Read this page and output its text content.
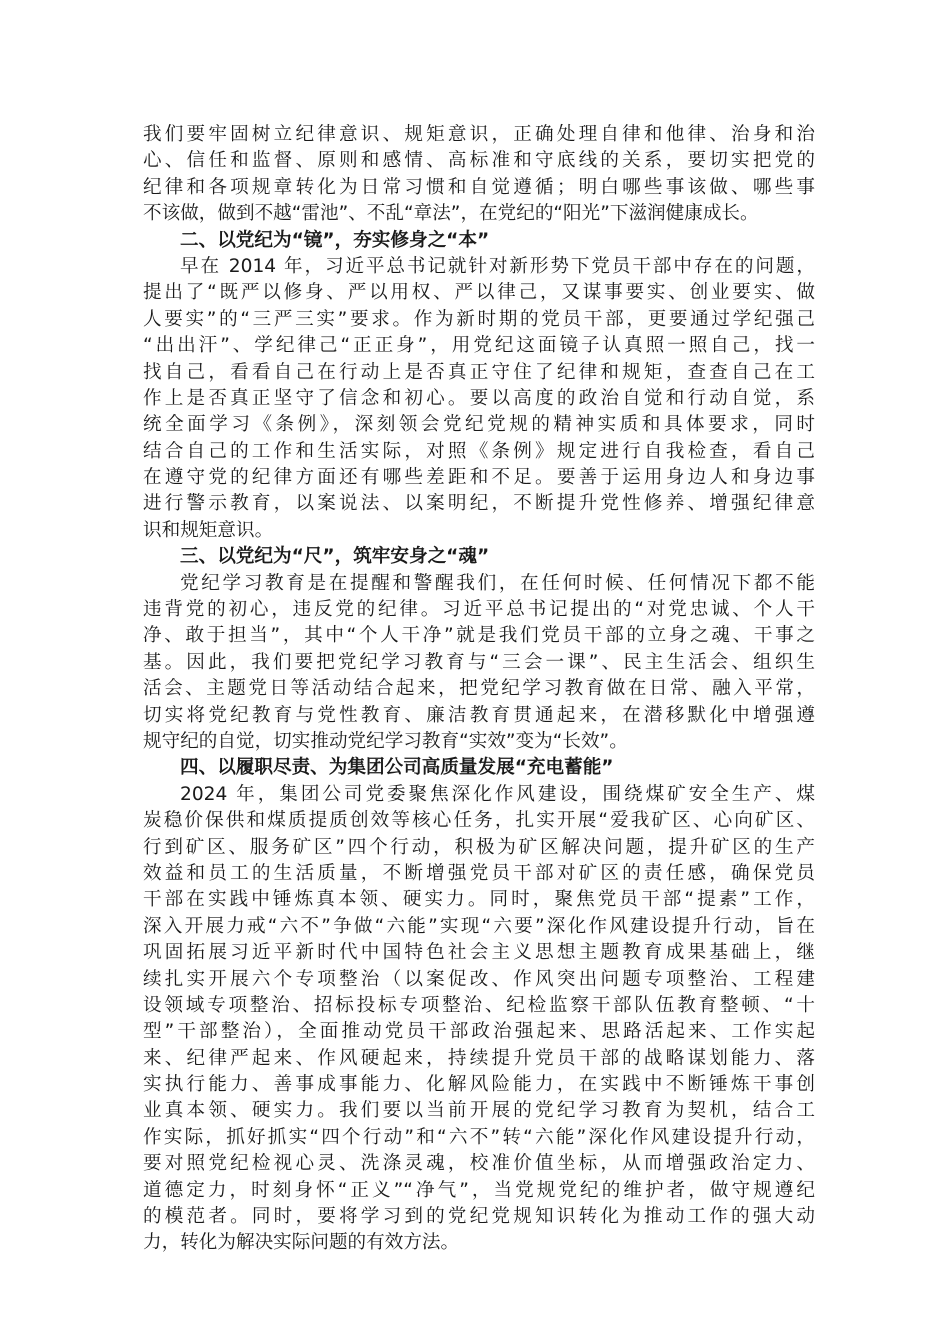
我们要牢固树立纪律意识、规矩意识，正确处理自律和他律、治身和治
心、信任和监督、原则和感情、高标准和守底线的关系，要切实把党的
纪律和各项规章转化为日常习惯和自觉遵循；明白哪些事该做、哪些事
不该做，做到不越“雷池”、不乱“章法”，在党纪的“阳光”下滋润健康成长。
二、以党纪为“镜”，夯实修身之“本”
早在 2014 年，习近平总书记就针对新形势下党员干部中存在的问题，
提出了“既严以修身、严以用权、严以律己，又谋事要实、创业要实、做
人要实”的“三严三实”要求。作为新时期的党员干部，更要通过学纪强己
“出出汗”、学纪律己“正正身”，用党纪这面镜子认真照一照自己，找一
找自己，看看自己在行动上是否真正守住了纪律和规矩，查查自己在工
作上是否真正坚守了信念和初心。要以高度的政治自觉和行动自觉，系
统全面学习《条例》，深刻领会党纪党规的精神实质和具体要求，同时
结合自己的工作和生活实际，对照《条例》规定进行自我检查，看自己
在遵守党的纪律方面还有哪些差距和不足。要善于运用身边人和身边事
进行警示教育，以案说法、以案明纪，不断提升党性修养、增强纪律意
识和规矩意识。
三、以党纪为“尺”，筑牢安身之“魂”
党纪学习教育是在提醒和警醒我们，在任何时候、任何情况下都不能
违背党的初心，违反党的纪律。习近平总书记提出的“对党忠诚、个人干
净、敢于担当”，其中“个人干净”就是我们党员干部的立身之魂、干事之
基。因此，我们要把党纪学习教育与“三会一课”、民主生活会、组织生
活会、主题党日等活动结合起来，把党纪学习教育做在日常、融入平常，
切实将党纪教育与党性教育、廉洁教育贯通起来，在潜移默化中增强遵
规守纪的自觉，切实推动党纪学习教育“实效”变为“长效”。
四、以履职尽责、为集团公司高质量发展“充电蓄能”
2024 年，集团公司党委聚焦深化作风建设，围绕煤矿安全生产、煤
炭稳价保供和煤质提质创效等核心任务，扎实开展“爱我矿区、心向矿区、
行到矿区、服务矿区”四个行动，积极为矿区解决问题，提升矿区的生产
效益和员工的生活质量，不断增强党员干部对矿区的责任感，确保党员
干部在实践中锤炼真本领、硬实力。同时，聚焦党员干部“提素”工作，
深入开展力戒“六不”争做“六能”实现“六要”深化作风建设提升行动，旨在
巩固拓展习近平新时代中国特色社会主义思想主题教育成果基础上，继
续扎实开展六个专项整治（以案促改、作风突出问题专项整治、工程建
设领域专项整治、招标投标专项整治、纪检监察干部队伍教育整顿、“十
型”干部整治），全面推动党员干部政治强起来、思路活起来、工作实起
来、纪律严起来、作风硬起来，持续提升党员干部的战略谋划能力、落
实执行能力、善事成事能力、化解风险能力，在实践中不断锤炼干事创
业真本领、硬实力。我们要以当前开展的党纪学习教育为契机，结合工
作实际，抓好抓实“四个行动”和“六不”转“六能”深化作风建设提升行动，
要对照党纪检视心灵、洗涤灵魂，校准价值坐标，从而增强政治定力、
道德定力，时刻身怀“正义”“净气”，当党规党纪的维护者，做守规遵纪
的模范者。同时，要将学习到的党纪党规知识转化为推动工作的强大动
力，转化为解决实际问题的有效方法。
